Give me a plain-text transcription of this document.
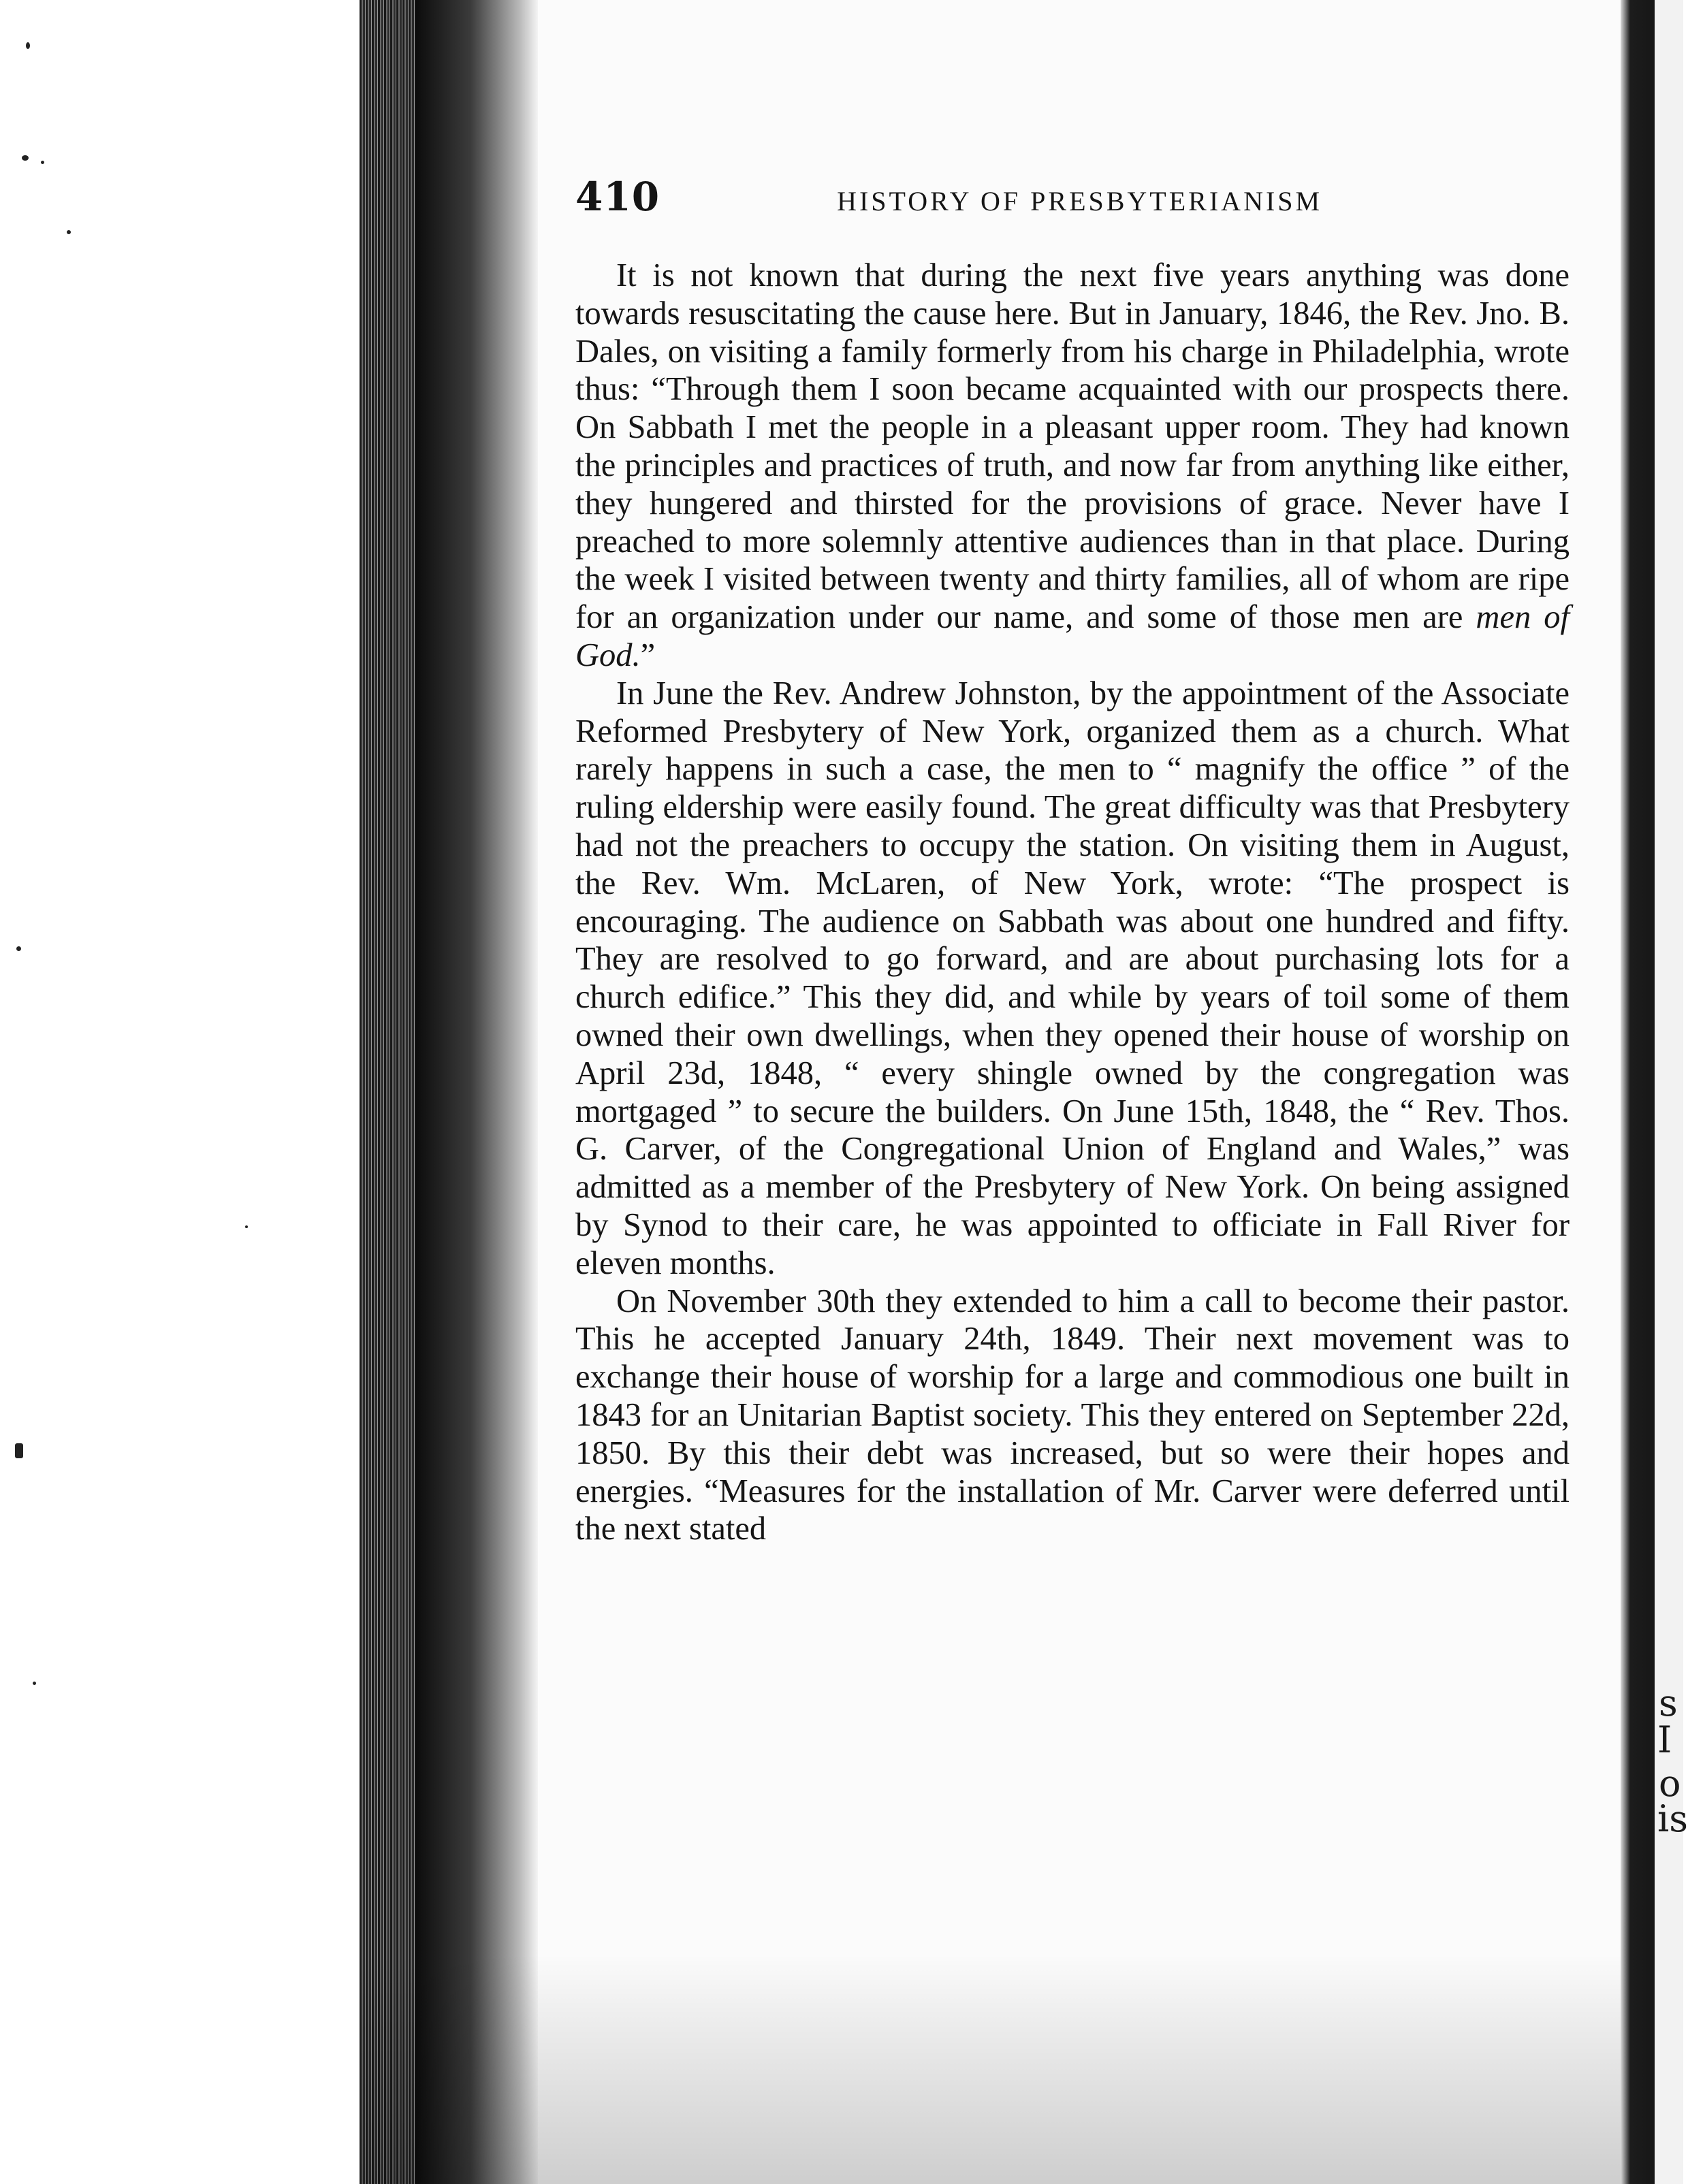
s
I
o
is
410	HISTORY OF PRESBYTERIANISM

It is not known that during the next five years anything was done towards resuscitating the cause here. But in January, 1846, the Rev. Jno. B. Dales, on visiting a family formerly from his charge in Philadelphia, wrote thus: “Through them I soon became acquainted with our prospects there. On Sabbath I met the people in a pleasant upper room. They had known the principles and practices of truth, and now far from anything like either, they hungered and thirsted for the provisions of grace. Never have I preached to more solemnly attentive audiences than in that place. During the week I visited between twenty and thirty families, all of whom are ripe for an organization under our name, and some of those men are men of God.”

In June the Rev. Andrew Johnston, by the appointment of the Associate Reformed Presbytery of New York, organized them as a church. What rarely happens in such a case, the men to “ magnify the office ” of the ruling eldership were easily found. The great difficulty was that Presbytery had not the preachers to occupy the station. On visiting them in August, the Rev. Wm. McLaren, of New York, wrote: “The prospect is encouraging. The audience on Sabbath was about one hundred and fifty. They are resolved to go forward, and are about purchasing lots for a church edifice.” This they did, and while by years of toil some of them owned their own dwellings, when they opened their house of worship on April 23d, 1848, “ every shingle owned by the congregation was mortgaged ” to secure the builders. On June 15th, 1848, the “ Rev. Thos. G. Carver, of the Congregational Union of England and Wales,” was admitted as a member of the Presbytery of New York. On being assigned by Synod to their care, he was appointed to officiate in Fall River for eleven months.

On November 30th they extended to him a call to become their pastor. This he accepted January 24th, 1849. Their next movement was to exchange their house of worship for a large and commodious one built in 1843 for an Unitarian Baptist society. This they entered on September 22d, 1850. By this their debt was increased, but so were their hopes and energies. “Measures for the installation of Mr. Carver were deferred until the next stated
